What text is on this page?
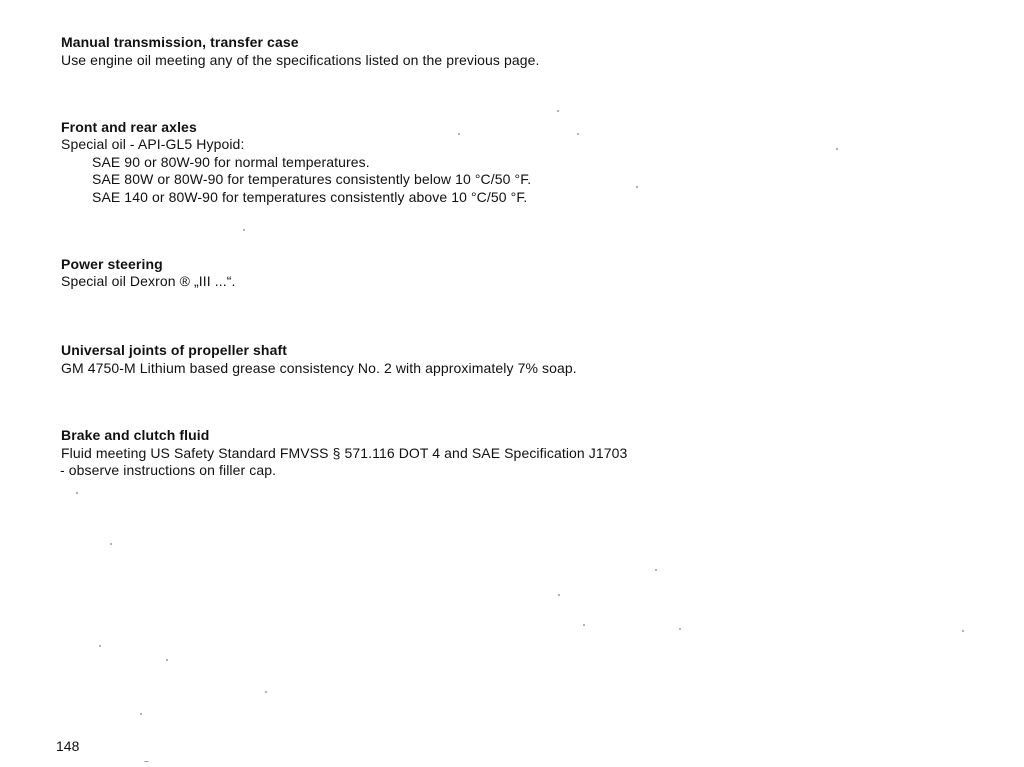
Manual transmission, transfer case
Use engine oil meeting any of the specifications listed on the previous page.
Front and rear axles
Special oil - API-GL5 Hypoid:
SAE 90 or 80W-90 for normal temperatures.
SAE 80W or 80W-90 for temperatures consistently below 10 °C/50 °F.
SAE 140 or 80W-90 for temperatures consistently above 10 °C/50 °F.
Power steering
Special oil Dexron ® „III ...“.
Universal joints of propeller shaft
GM 4750-M Lithium based grease consistency No. 2 with approximately 7% soap.
Brake and clutch fluid
Fluid meeting US Safety Standard FMVSS § 571.116 DOT 4 and SAE Specification J1703
- observe instructions on filler cap.
148
